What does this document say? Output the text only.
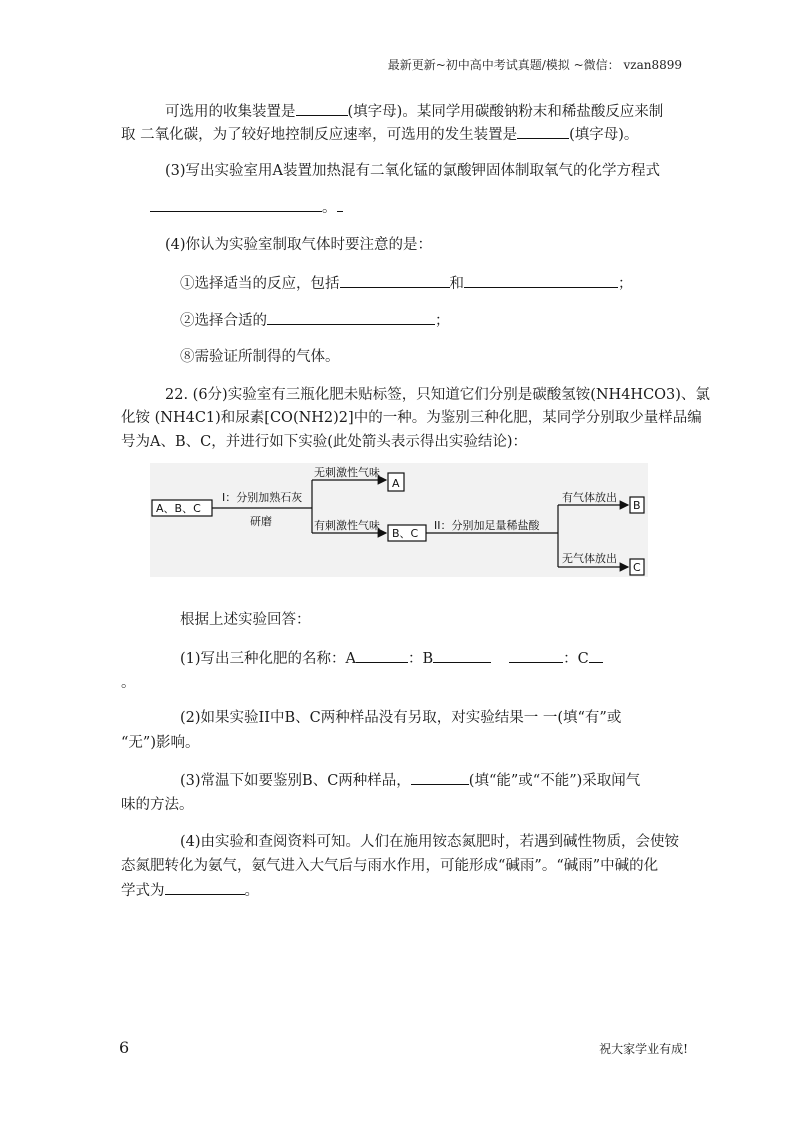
最新更新~初中高中考试真题/模拟 ~微信： vzan8899
可选用的收集装置是	(填字母)。某同学用碳酸钠粉末和稀盐酸反应来制
取 二氧化碳，为了较好地控制反应速率，可选用的发生装置是	(填字母)。
(3)写出实验室用A装置加热混有二氧化锰的氯酸钾固体制取氧气的化学方程式
。
(4)你认为实验室制取气体时要注意的是：
①选择适当的反应，包括	和	；
②选择合适的	；
⑧需验证所制得的气体。
22. (6分)实验室有三瓶化肥未贴标签，只知道它们分别是碳酸氢铵(NH4HCO3)、氯
化铵 (NH4C1)和尿素[CO(NH2)2]中的一种。为鉴别三种化肥，某同学分别取少量样品编
号为A、B、C，并进行如下实验(此处箭头表示得出实验结论)：
A、B、C
I：分别加熟石灰
研磨
无刺激性气味
A
有刺激性气味
B、C
II：分别加足量稀盐酸
有气体放出
B
无气体放出
C
根据上述实验回答：
(1)写出三种化肥的名称：A	：B	：C
。
(2)如果实验II中B、C两种样品没有另取，对实验结果一 一(填“有”或
“无”)影响。
(3)常温下如要鉴别B、C两种样品，	(填“能”或“不能”)采取闻气
味的方法。
(4)由实验和查阅资料可知。人们在施用铵态氮肥时，若遇到碱性物质，会使铵
态氮肥转化为氨气，氨气进入大气后与雨水作用，可能形成“碱雨”。“碱雨”中碱的化
学式为	。
6	祝大家学业有成!
